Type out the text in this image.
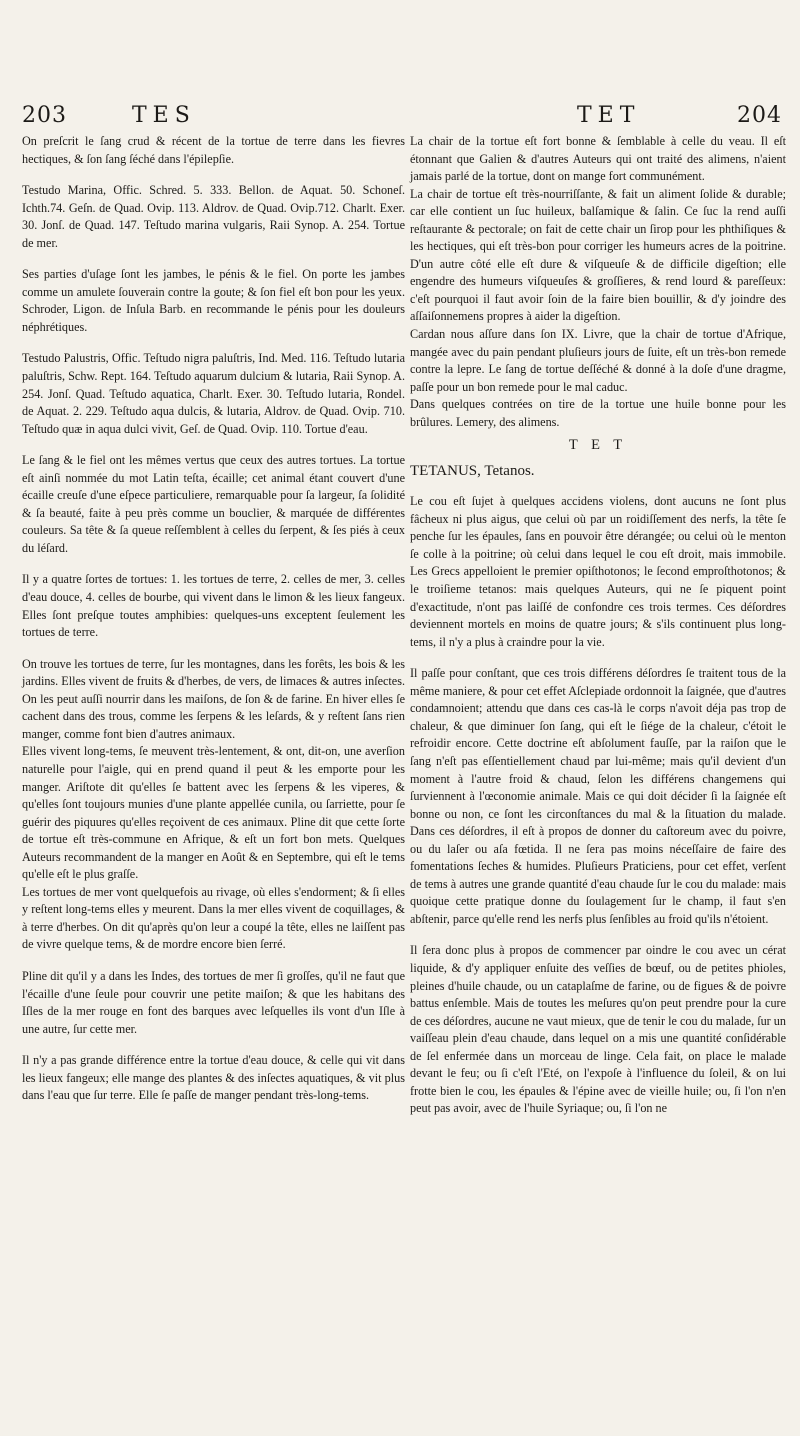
203	TES	TET	204

On preſcrit le ſang crud & récent de la tortue de terre dans les fievres hectiques, & ſon ſang ſéché dans l'épilepſie.

Testudo Marina, Offic. Schred. 5. 333. Bellon. de Aquat. 50. Schoneſ. Ichth.74. Geſn. de Quad. Ovip. 113. Aldrov. de Quad. Ovip.712. Charlt. Exer. 30. Jonſ. de Quad. 147. Teſtudo marina vulgaris, Raii Synop. A. 254. Tortue de mer.

Ses parties d'uſage ſont les jambes, le pénis & le fiel. On porte les jambes comme un amulete ſouverain contre la goute; & ſon fiel eſt bon pour les yeux. Schroder, Ligon. de Inſula Barb. en recommande le pénis pour les douleurs néphrétiques.

Testudo Palustris, Offic. Teſtudo nigra paluſtris, Ind. Med. 116. Teſtudo lutaria paluſtris, Schw. Rept. 164. Teſtudo aquarum dulcium & lutaria, Raii Synop. A. 254. Jonſ. Quad. Teſtudo aquatica, Charlt. Exer. 30. Teſtudo lutaria, Rondel. de Aquat. 2. 229. Teſtudo aqua dulcis, & lutaria, Aldrov. de Quad. Ovip. 710. Teſtudo quæ in aqua dulci vivit, Geſ. de Quad. Ovip. 110. Tortue d'eau.

Le ſang & le fiel ont les mêmes vertus que ceux des autres tortues. La tortue eſt ainſi nommée du mot Latin teſta, écaille; cet animal étant couvert d'une écaille creuſe d'une eſpece particuliere, remarquable pour ſa largeur, ſa ſolidité & ſa beauté, faite à peu près comme un bouclier, & marquée de différentes couleurs. Sa tête & ſa queue reſſemblent à celles du ſerpent, & ſes piés à ceux du léſard.

Il y a quatre ſortes de tortues: 1. les tortues de terre, 2. celles de mer, 3. celles d'eau douce, 4. celles de bourbe, qui vivent dans le limon & les lieux fangeux. Elles ſont preſque toutes amphibies: quelques-uns exceptent ſeulement les tortues de terre.

On trouve les tortues de terre, ſur les montagnes, dans les forêts, les bois & les jardins. Elles vivent de fruits & d'herbes, de vers, de limaces & autres inſectes. On les peut auſſi nourrir dans les maiſons, de ſon & de farine. En hiver elles ſe cachent dans des trous, comme les ſerpens & les leſards, & y reſtent ſans rien manger, comme font bien d'autres animaux.

Elles vivent long-tems, ſe meuvent très-lentement, & ont, dit-on, une averſion naturelle pour l'aigle, qui en prend quand il peut & les emporte pour les manger. Ariſtote dit qu'elles ſe battent avec les ſerpens & les viperes, & qu'elles ſont toujours munies d'une plante appellée cunila, ou ſarriette, pour ſe guérir des piquures qu'elles reçoivent de ces animaux. Pline dit que cette ſorte de tortue eſt très-commune en Afrique, & eſt un fort bon mets. Quelques Auteurs recommandent de la manger en Août & en Septembre, qui eſt le tems qu'elle eſt le plus graſſe.

Les tortues de mer vont quelquefois au rivage, où elles s'endorment; & ſi elles y reſtent long-tems elles y meurent. Dans la mer elles vivent de coquillages, & à terre d'herbes. On dit qu'après qu'on leur a coupé la tête, elles ne laiſſent pas de vivre quelque tems, & de mordre encore bien ſerré.

Pline dit qu'il y a dans les Indes, des tortues de mer ſi groſſes, qu'il ne faut que l'écaille d'une ſeule pour couvrir une petite maiſon; & que les habitans des Iſles de la mer rouge en font des barques avec leſquelles ils vont d'un Iſle à une autre, ſur cette mer.

Il n'y a pas grande différence entre la tortue d'eau douce, & celle qui vit dans les lieux fangeux; elle mange des plantes & des inſectes aquatiques, & vit plus dans l'eau que ſur terre. Elle ſe paſſe de manger pendant très-long-tems.

La chair de la tortue eſt fort bonne & ſemblable à celle du veau. Il eſt étonnant que Galien & d'autres Auteurs qui ont traité des alimens, n'aient jamais parlé de la tortue, dont on mange fort communément.

La chair de tortue eſt très-nourriſſante, & fait un aliment ſolide & durable; car elle contient un ſuc huileux, balſamique & ſalin. Ce ſuc la rend auſſi reſtaurante & pectorale; on fait de cette chair un ſirop pour les phthiſiques & les hectiques, qui eſt très-bon pour corriger les humeurs acres de la poitrine. D'un autre côté elle eſt dure & viſqueuſe & de difficile digeſtion; elle engendre des humeurs viſqueuſes & groſſieres, & rend lourd & pareſſeux: c'eſt pourquoi il faut avoir ſoin de la faire bien bouillir, & d'y joindre des aſſaiſonnemens propres à aider la digeſtion.

Cardan nous aſſure dans ſon IX. Livre, que la chair de tortue d'Afrique, mangée avec du pain pendant pluſieurs jours de ſuite, eſt un très-bon remede contre la lepre. Le ſang de tortue deſſéché & donné à la doſe d'une dragme, paſſe pour un bon remede pour le mal caduc.

Dans quelques contrées on tire de la tortue une huile bonne pour les brûlures. Lemery, des alimens.

T E T
TETANUS, Tetanos.

Le cou eſt ſujet à quelques accidens violens, dont aucuns ne ſont plus fâcheux ni plus aigus, que celui où par un roidiſſement des nerfs, la tête ſe penche ſur les épaules, ſans en pouvoir être dérangée; ou celui où le menton ſe colle à la poitrine; où celui dans lequel le cou eſt droit, mais immobile. Les Grecs appelloient le premier opiſthotonos; le ſecond emproſthotonos; & le troiſieme tetanos: mais quelques Auteurs, qui ne ſe piquent point d'exactitude, n'ont pas laiſſé de confondre ces trois termes. Ces déſordres deviennent mortels en moins de quatre jours; & s'ils continuent plus long-tems, il n'y a plus à craindre pour la vie.

Il paſſe pour conſtant, que ces trois différens déſordres ſe traitent tous de la même maniere, & pour cet effet Aſclepiade ordonnoit la ſaignée, que d'autres condamnoient; attendu que dans ces cas-là le corps n'avoit déja pas trop de chaleur, & que diminuer ſon ſang, qui eſt le ſiége de la chaleur, c'étoit le refroidir encore. Cette doctrine eſt abſolument fauſſe, par la raiſon que le ſang n'eſt pas eſſentiellement chaud par lui-même; mais qu'il devient d'un moment à l'autre froid & chaud, ſelon les différens changemens qui ſurviennent à l'œconomie animale. Mais ce qui doit décider ſi la ſaignée eſt bonne ou non, ce ſont les circonſtances du mal & la ſituation du malade. Dans ces déſordres, il eſt à propos de donner du caſtoreum avec du poivre, ou du laſer ou aſa fœtida. Il ne ſera pas moins néceſſaire de faire des fomentations ſeches & humides. Pluſieurs Praticiens, pour cet effet, verſent de tems à autres une grande quantité d'eau chaude ſur le cou du malade: mais quoique cette pratique donne du ſoulagement ſur le champ, il faut s'en abſtenir, parce qu'elle rend les nerfs plus ſenſibles au froid qu'ils n'étoient.

Il ſera donc plus à propos de commencer par oindre le cou avec un cérat liquide, & d'y appliquer enſuite des veſſies de bœuf, ou de petites phioles, pleines d'huile chaude, ou un cataplaſme de farine, ou de figues & de poivre battus enſemble. Mais de toutes les meſures qu'on peut prendre pour la cure de ces déſordres, aucune ne vaut mieux, que de tenir le cou du malade, ſur un vaiſſeau plein d'eau chaude, dans lequel on a mis une quantité conſidérable de ſel enfermée dans un morceau de linge. Cela fait, on place le malade devant le feu; ou ſi c'eſt l'Eté, on l'expoſe à l'influence du ſoleil, & on lui frotte bien le cou, les épaules & l'épine avec de vieille huile; ou, ſi l'on n'en peut pas avoir, avec de l'huile Syriaque; ou, ſi l'on ne
